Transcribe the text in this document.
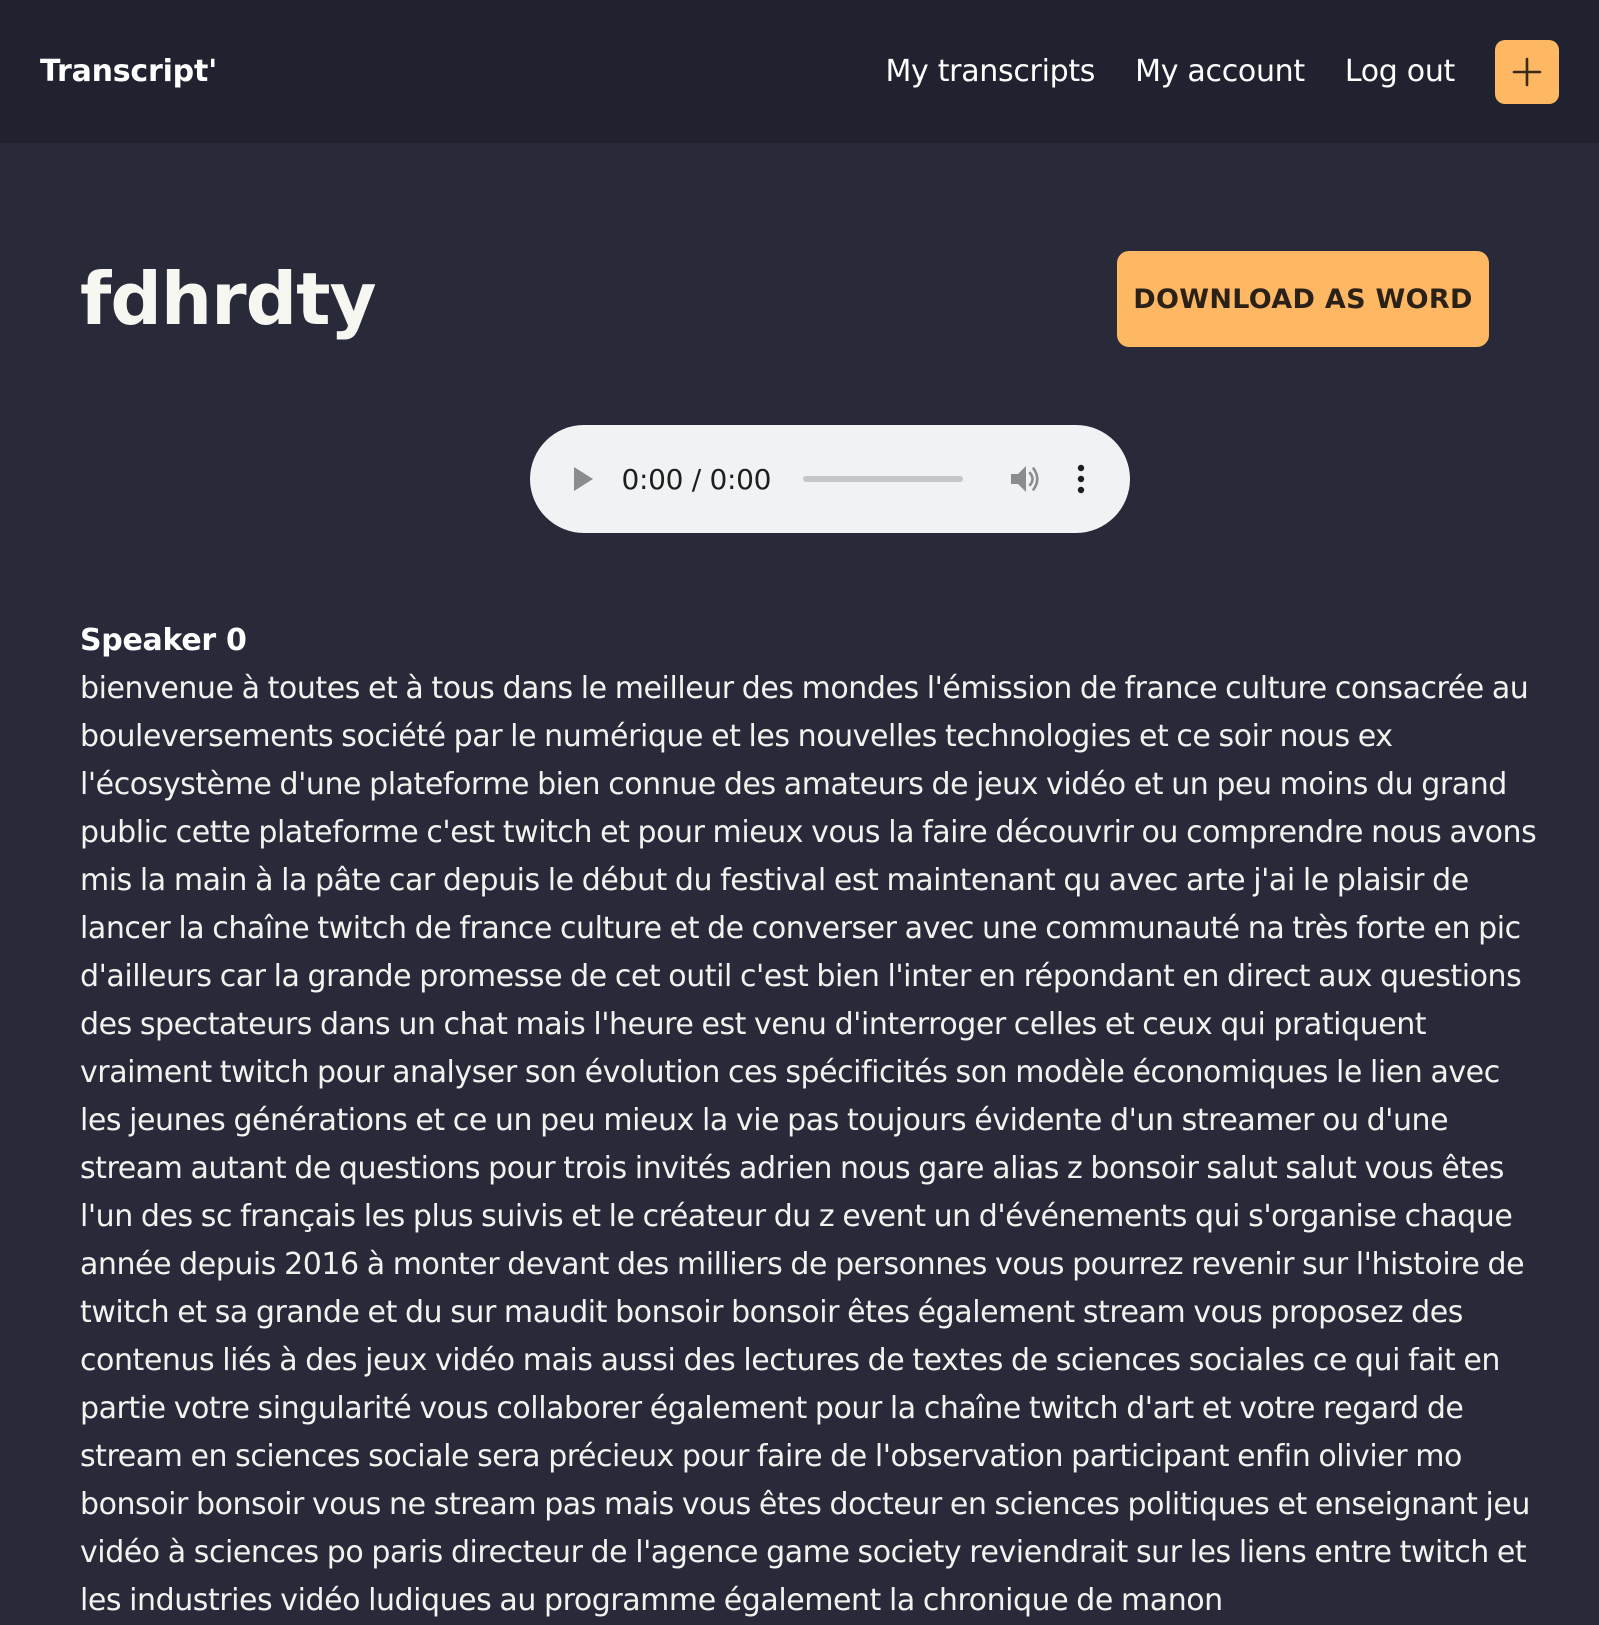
Transcript'	My transcripts My account Log out
fdhrdty	DOWNLOAD AS WORD
0:00 / 0:00
Speaker 0

bienvenue à toutes et à tous dans le meilleur des mondes l'émission de france culture consacrée au bouleversements société par le numérique et les nouvelles technologies et ce soir nous ex l'écosystème d'une plateforme bien connue des amateurs de jeux vidéo et un peu moins du grand public cette plateforme c'est twitch et pour mieux vous la faire découvrir ou comprendre nous avons mis la main à la pâte car depuis le début du festival est maintenant qu avec arte j'ai le plaisir de lancer la chaîne twitch de france culture et de converser avec une communauté na très forte en pic d'ailleurs car la grande promesse de cet outil c'est bien l'inter en répondant en direct aux questions des spectateurs dans un chat mais l'heure est venu d'interroger celles et ceux qui pratiquent vraiment twitch pour analyser son évolution ces spécificités son modèle économiques le lien avec les jeunes générations et ce un peu mieux la vie pas toujours évidente d'un streamer ou d'une stream autant de questions pour trois invités adrien nous gare alias z bonsoir salut salut vous êtes l'un des sc français les plus suivis et le créateur du z event un d'événements qui s'organise chaque année depuis 2016 à monter devant des milliers de personnes vous pourrez revenir sur l'histoire de twitch et sa grande et du sur maudit bonsoir bonsoir êtes également stream vous proposez des contenus liés à des jeux vidéo mais aussi des lectures de textes de sciences sociales ce qui fait en partie votre singularité vous collaborer également pour la chaîne twitch d'art et votre regard de stream en sciences sociale sera précieux pour faire de l'observation participant enfin olivier mo bonsoir bonsoir vous ne stream pas mais vous êtes docteur en sciences politiques et enseignant jeu vidéo à sciences po paris directeur de l'agence game society reviendrait sur les liens entre twitch et les industries vidéo ludiques au programme également la chronique de manon
